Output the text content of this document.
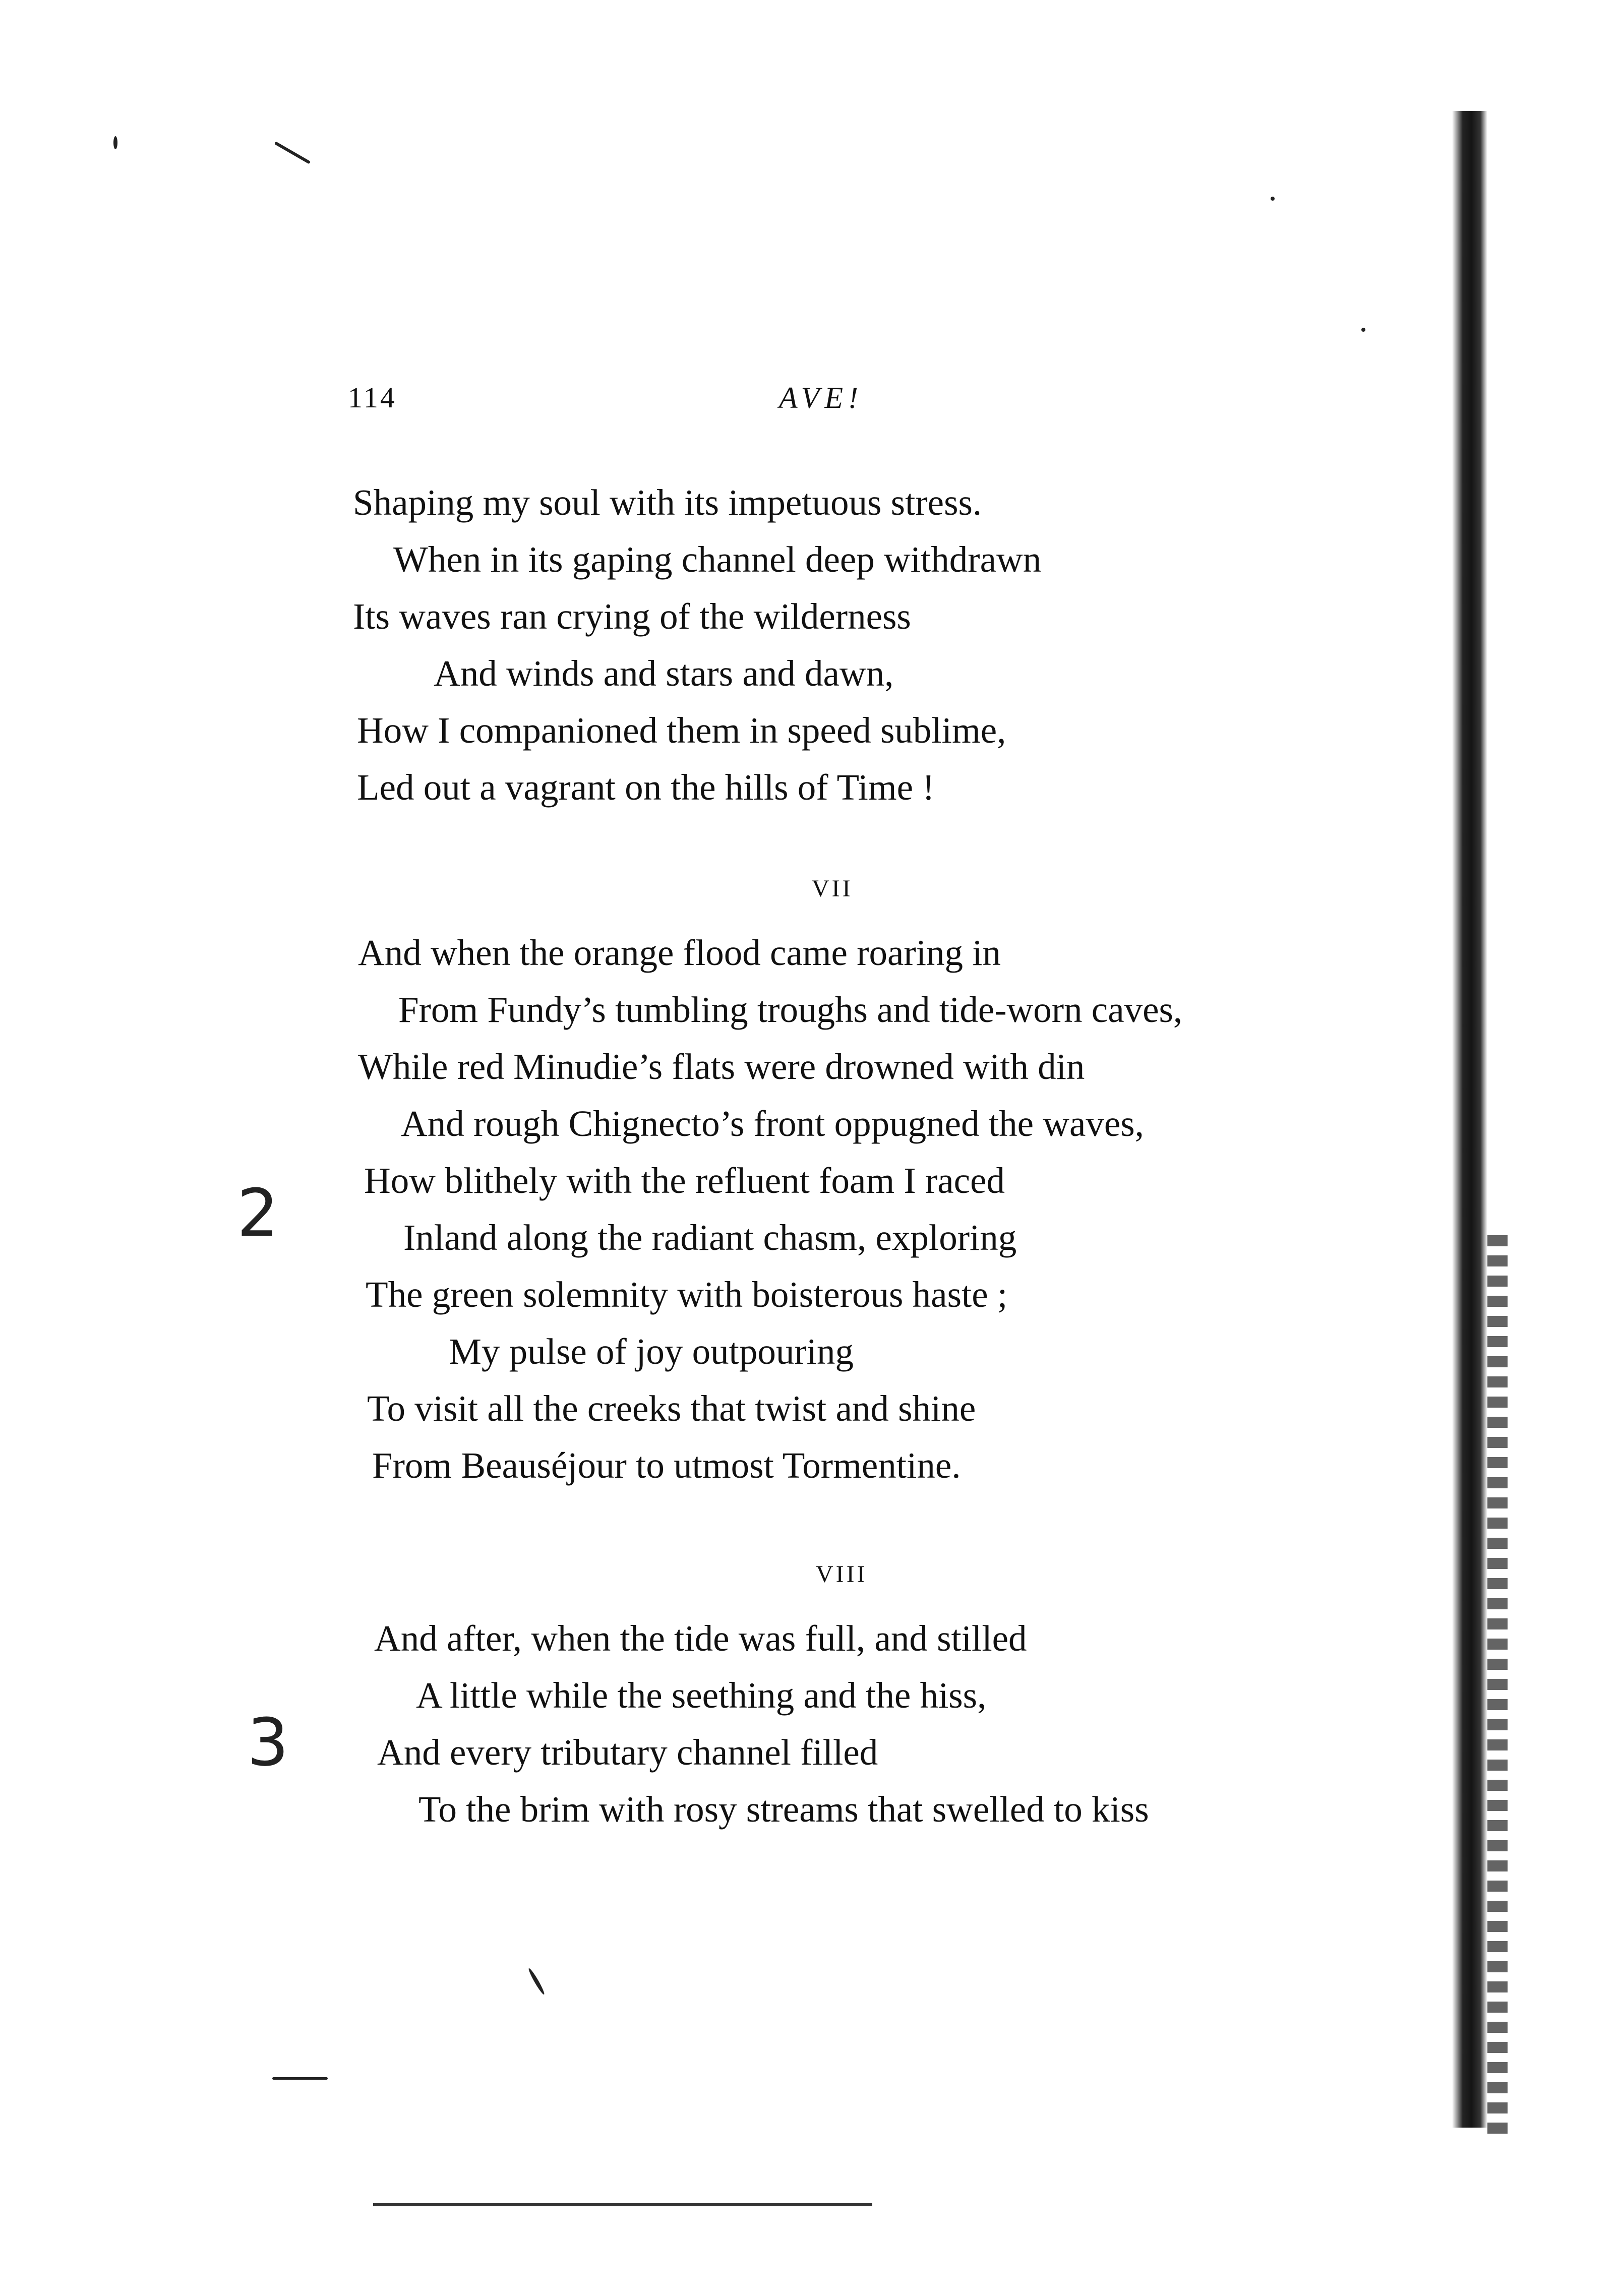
114	AVE!
Shaping my soul with its impetuous stress.
When in its gaping channel deep withdrawn
Its waves ran crying of the wilderness
And winds and stars and dawn,
How I companioned them in speed sublime,
Led out a vagrant on the hills of Time !
VII
And when the orange flood came roaring in
From Fundy’s tumbling troughs and tide-worn caves,
While red Minudie’s flats were drowned with din
And rough Chignecto’s front oppugned the waves,
How blithely with the refluent foam I raced
Inland along the radiant chasm, exploring
The green solemnity with boisterous haste ;
My pulse of joy outpouring
To visit all the creeks that twist and shine
From Beauséjour to utmost Tormentine.
VIII
And after, when the tide was full, and stilled
A little while the seething and the hiss,
And every tributary channel filled
To the brim with rosy streams that swelled to kiss
2
3
